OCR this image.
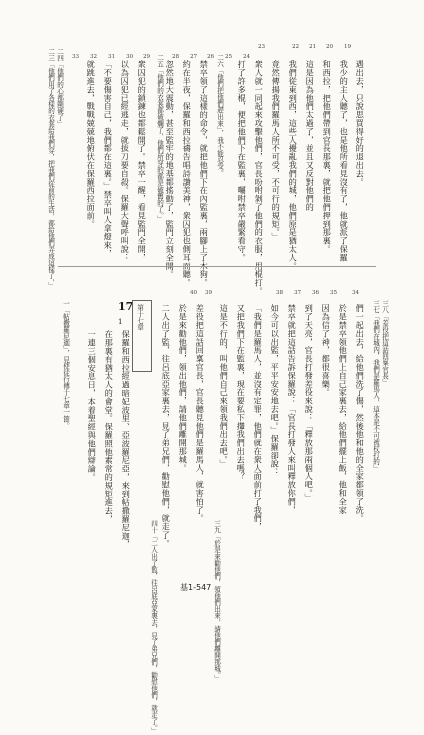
33 32 31 30 29	28 27 26 25 24
23	22 21 20 19
二三「他們用了各樣的衣裳給我們穿，把我們從前的生活，都給他們弄成這樣了，」 二四「他們的心都剛硬了」	二五「他們的衣裳都破爛了，他們所穿的都是破舊的了。」	二六「他們把他們趕出來」，我不能忍受。	遇出去，只說思買得好的退出去。
我少的主人聽了，也是他所看見沒有了，他就派了保羅
和西拉，把他們帶到官長那裏，就把他們押到那裏。
這是因為他們太過了，並且又反對他們的
我們從東到西，這些人擾亂我們的城，他們原是猶太人。
竟然傳揚我們羅馬人所不可受，不可行的規矩。」
衆人就一同起來攻擊他們，官長吩咐剝了他們的衣服，用棍打。
打了許多棍，便把他們下在監裏，囑咐禁卒嚴緊看守。
禁卒領了這樣的命令，就把他們下在內監裏，兩腳上了木狗。
約在半夜，保羅和西拉禱告唱詩讚美神，衆囚犯也側耳而聽。
忽然地大震動，甚至監牢的地基都搖動了，監門立刻全開。
衆囚犯的鎖鍊也都鬆開了。禁卒一醒，看見監門全開，
以為囚犯已經逃走，就拔刀要自殺。保羅大聲呼叫說：
「不要傷害自己，我們都在這裏。」禁卒叫人拿燈來，
就跳進去，戰戰兢兢地俯伏在保羅西拉面前。
40 39	38 37 36 35	34
們一起出去，給他們洗了傷，然後他和他的全家都領了洗。
於是禁卒領他們上自己家裏去，給他們擺上飯，他和全家
因為信了神，都很喜樂。
到了天亮，官長打發差役來說：「釋放那兩個人吧。」
禁卒就把這話告訴保羅說：「官長打發人來叫釋放你們，
如今可以出監，平平安安地去吧。」保羅卻說：
「我們是羅馬人，並沒有定罪，他們就在衆人面前打了我們，
又把我們下在監裏，現在要私下攆我們出去嗎？
這是不行的，叫他們自己來領我們出去吧。」
差役把這話回稟官長，官長聽見他們是羅馬人，就害怕了。
於是來勸他們，領出他們，請他們離開那城。
二人出了監，往呂底亞家裏去，見了弟兄們，勸慰他們，就走了。	三七「我們在城內，我們是羅馬人，這本是不可被杖打的」 三八「差役把這話回稟官長」
三九「於是來勸他們，領他們出來，請他們離開那城。」
四十「二人出了監，往呂底亞家裏去，見了弟兄們，勸慰他們，就走了。」
17
1
保羅和西拉經過暗妃波里、亞波羅尼亞，來到帖撒羅尼迦，
在那裏有猶太人的會堂。保羅照他素常的規矩進去，
一連三個安息日，本着聖經與他們辯論。
第十七章
一「帖撒羅尼迦」，見使徒行傳十七章一節。
基1-547
